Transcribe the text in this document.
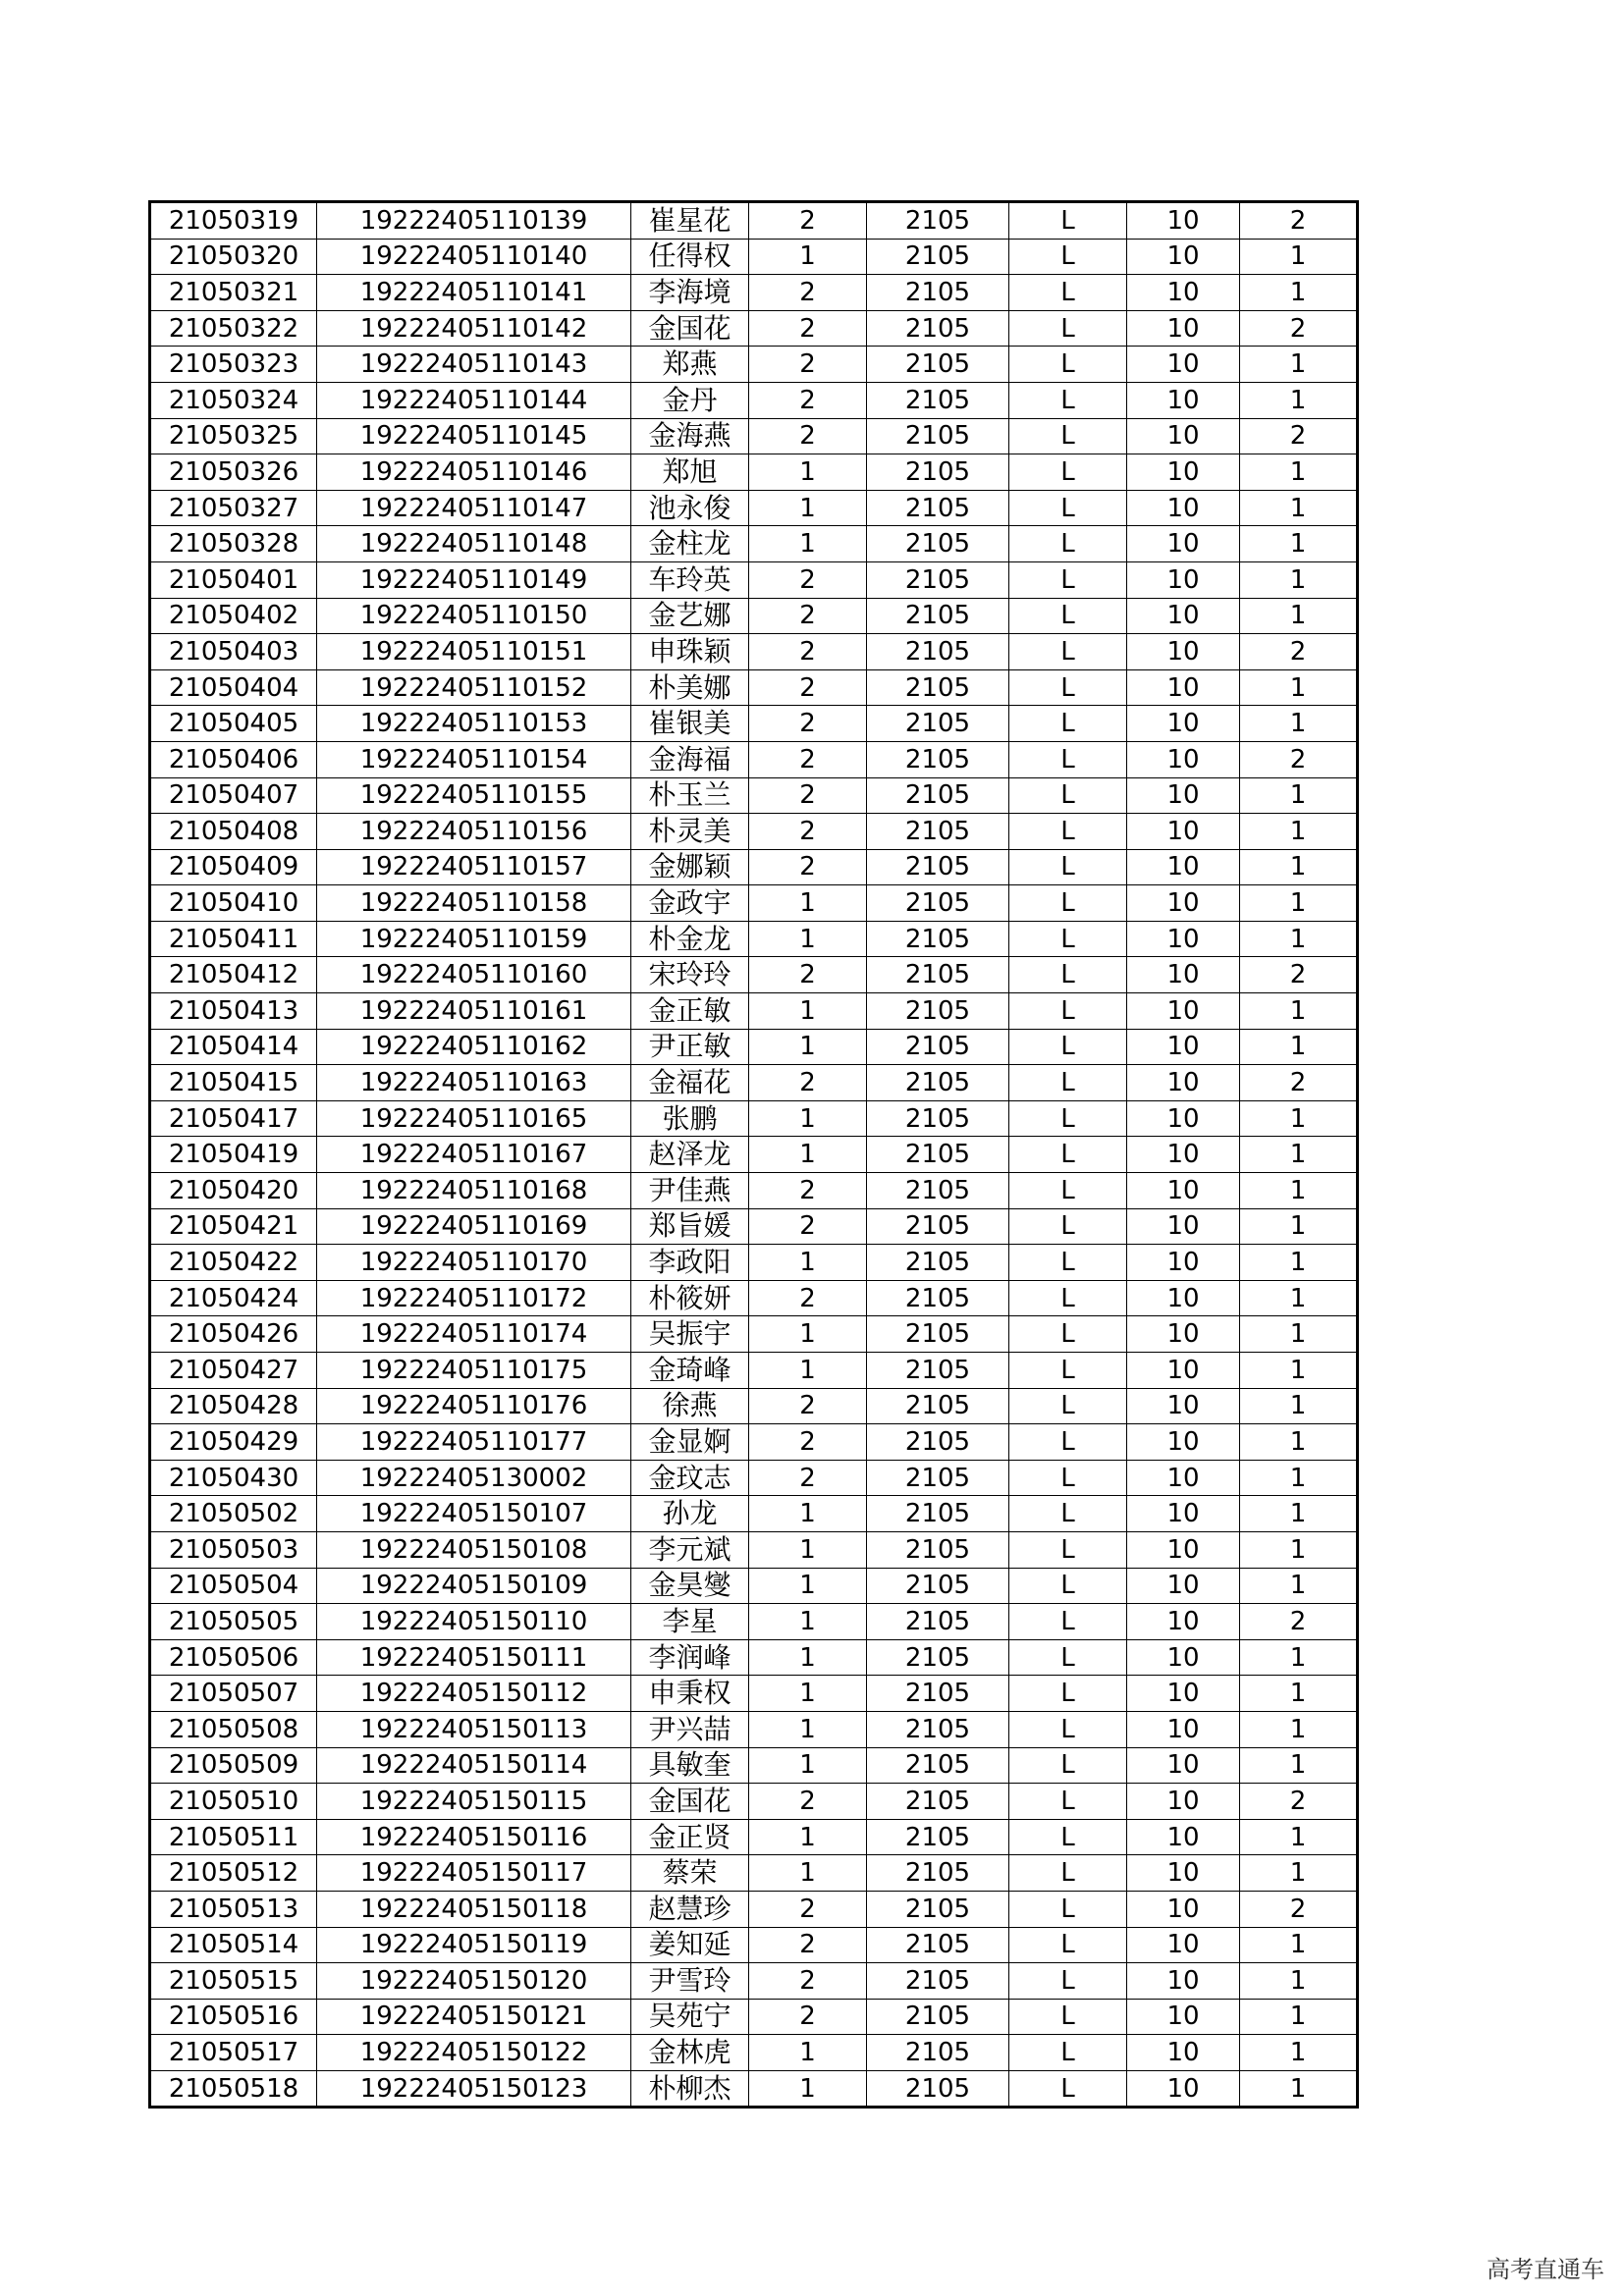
21050319	19222405110139	崔星花	2	2105	L	10	2
21050320	19222405110140	任得权	1	2105	L	10	1
21050321	19222405110141	李海境	2	2105	L	10	1
21050322	19222405110142	金国花	2	2105	L	10	2
21050323	19222405110143	郑燕	2	2105	L	10	1
21050324	19222405110144	金丹	2	2105	L	10	1
21050325	19222405110145	金海燕	2	2105	L	10	2
21050326	19222405110146	郑旭	1	2105	L	10	1
21050327	19222405110147	池永俊	1	2105	L	10	1
21050328	19222405110148	金柱龙	1	2105	L	10	1
21050401	19222405110149	车玲英	2	2105	L	10	1
21050402	19222405110150	金艺娜	2	2105	L	10	1
21050403	19222405110151	申珠颖	2	2105	L	10	2
21050404	19222405110152	朴美娜	2	2105	L	10	1
21050405	19222405110153	崔银美	2	2105	L	10	1
21050406	19222405110154	金海福	2	2105	L	10	2
21050407	19222405110155	朴玉兰	2	2105	L	10	1
21050408	19222405110156	朴灵美	2	2105	L	10	1
21050409	19222405110157	金娜颖	2	2105	L	10	1
21050410	19222405110158	金政宇	1	2105	L	10	1
21050411	19222405110159	朴金龙	1	2105	L	10	1
21050412	19222405110160	宋玲玲	2	2105	L	10	2
21050413	19222405110161	金正敏	1	2105	L	10	1
21050414	19222405110162	尹正敏	1	2105	L	10	1
21050415	19222405110163	金福花	2	2105	L	10	2
21050417	19222405110165	张鹏	1	2105	L	10	1
21050419	19222405110167	赵泽龙	1	2105	L	10	1
21050420	19222405110168	尹佳燕	2	2105	L	10	1
21050421	19222405110169	郑旨媛	2	2105	L	10	1
21050422	19222405110170	李政阳	1	2105	L	10	1
21050424	19222405110172	朴筱妍	2	2105	L	10	1
21050426	19222405110174	吴振宇	1	2105	L	10	1
21050427	19222405110175	金琦峰	1	2105	L	10	1
21050428	19222405110176	徐燕	2	2105	L	10	1
21050429	19222405110177	金显婀	2	2105	L	10	1
21050430	19222405130002	金玟志	2	2105	L	10	1
21050502	19222405150107	孙龙	1	2105	L	10	1
21050503	19222405150108	李元斌	1	2105	L	10	1
21050504	19222405150109	金昊燮	1	2105	L	10	1
21050505	19222405150110	李星	1	2105	L	10	2
21050506	19222405150111	李润峰	1	2105	L	10	1
21050507	19222405150112	申秉权	1	2105	L	10	1
21050508	19222405150113	尹兴喆	1	2105	L	10	1
21050509	19222405150114	具敏奎	1	2105	L	10	1
21050510	19222405150115	金国花	2	2105	L	10	2
21050511	19222405150116	金正贤	1	2105	L	10	1
21050512	19222405150117	蔡荣	1	2105	L	10	1
21050513	19222405150118	赵慧珍	2	2105	L	10	2
21050514	19222405150119	姜知延	2	2105	L	10	1
21050515	19222405150120	尹雪玲	2	2105	L	10	1
21050516	19222405150121	吴苑宁	2	2105	L	10	1
21050517	19222405150122	金林虎	1	2105	L	10	1
21050518	19222405150123	朴柳杰	1	2105	L	10	1
高考直通车
